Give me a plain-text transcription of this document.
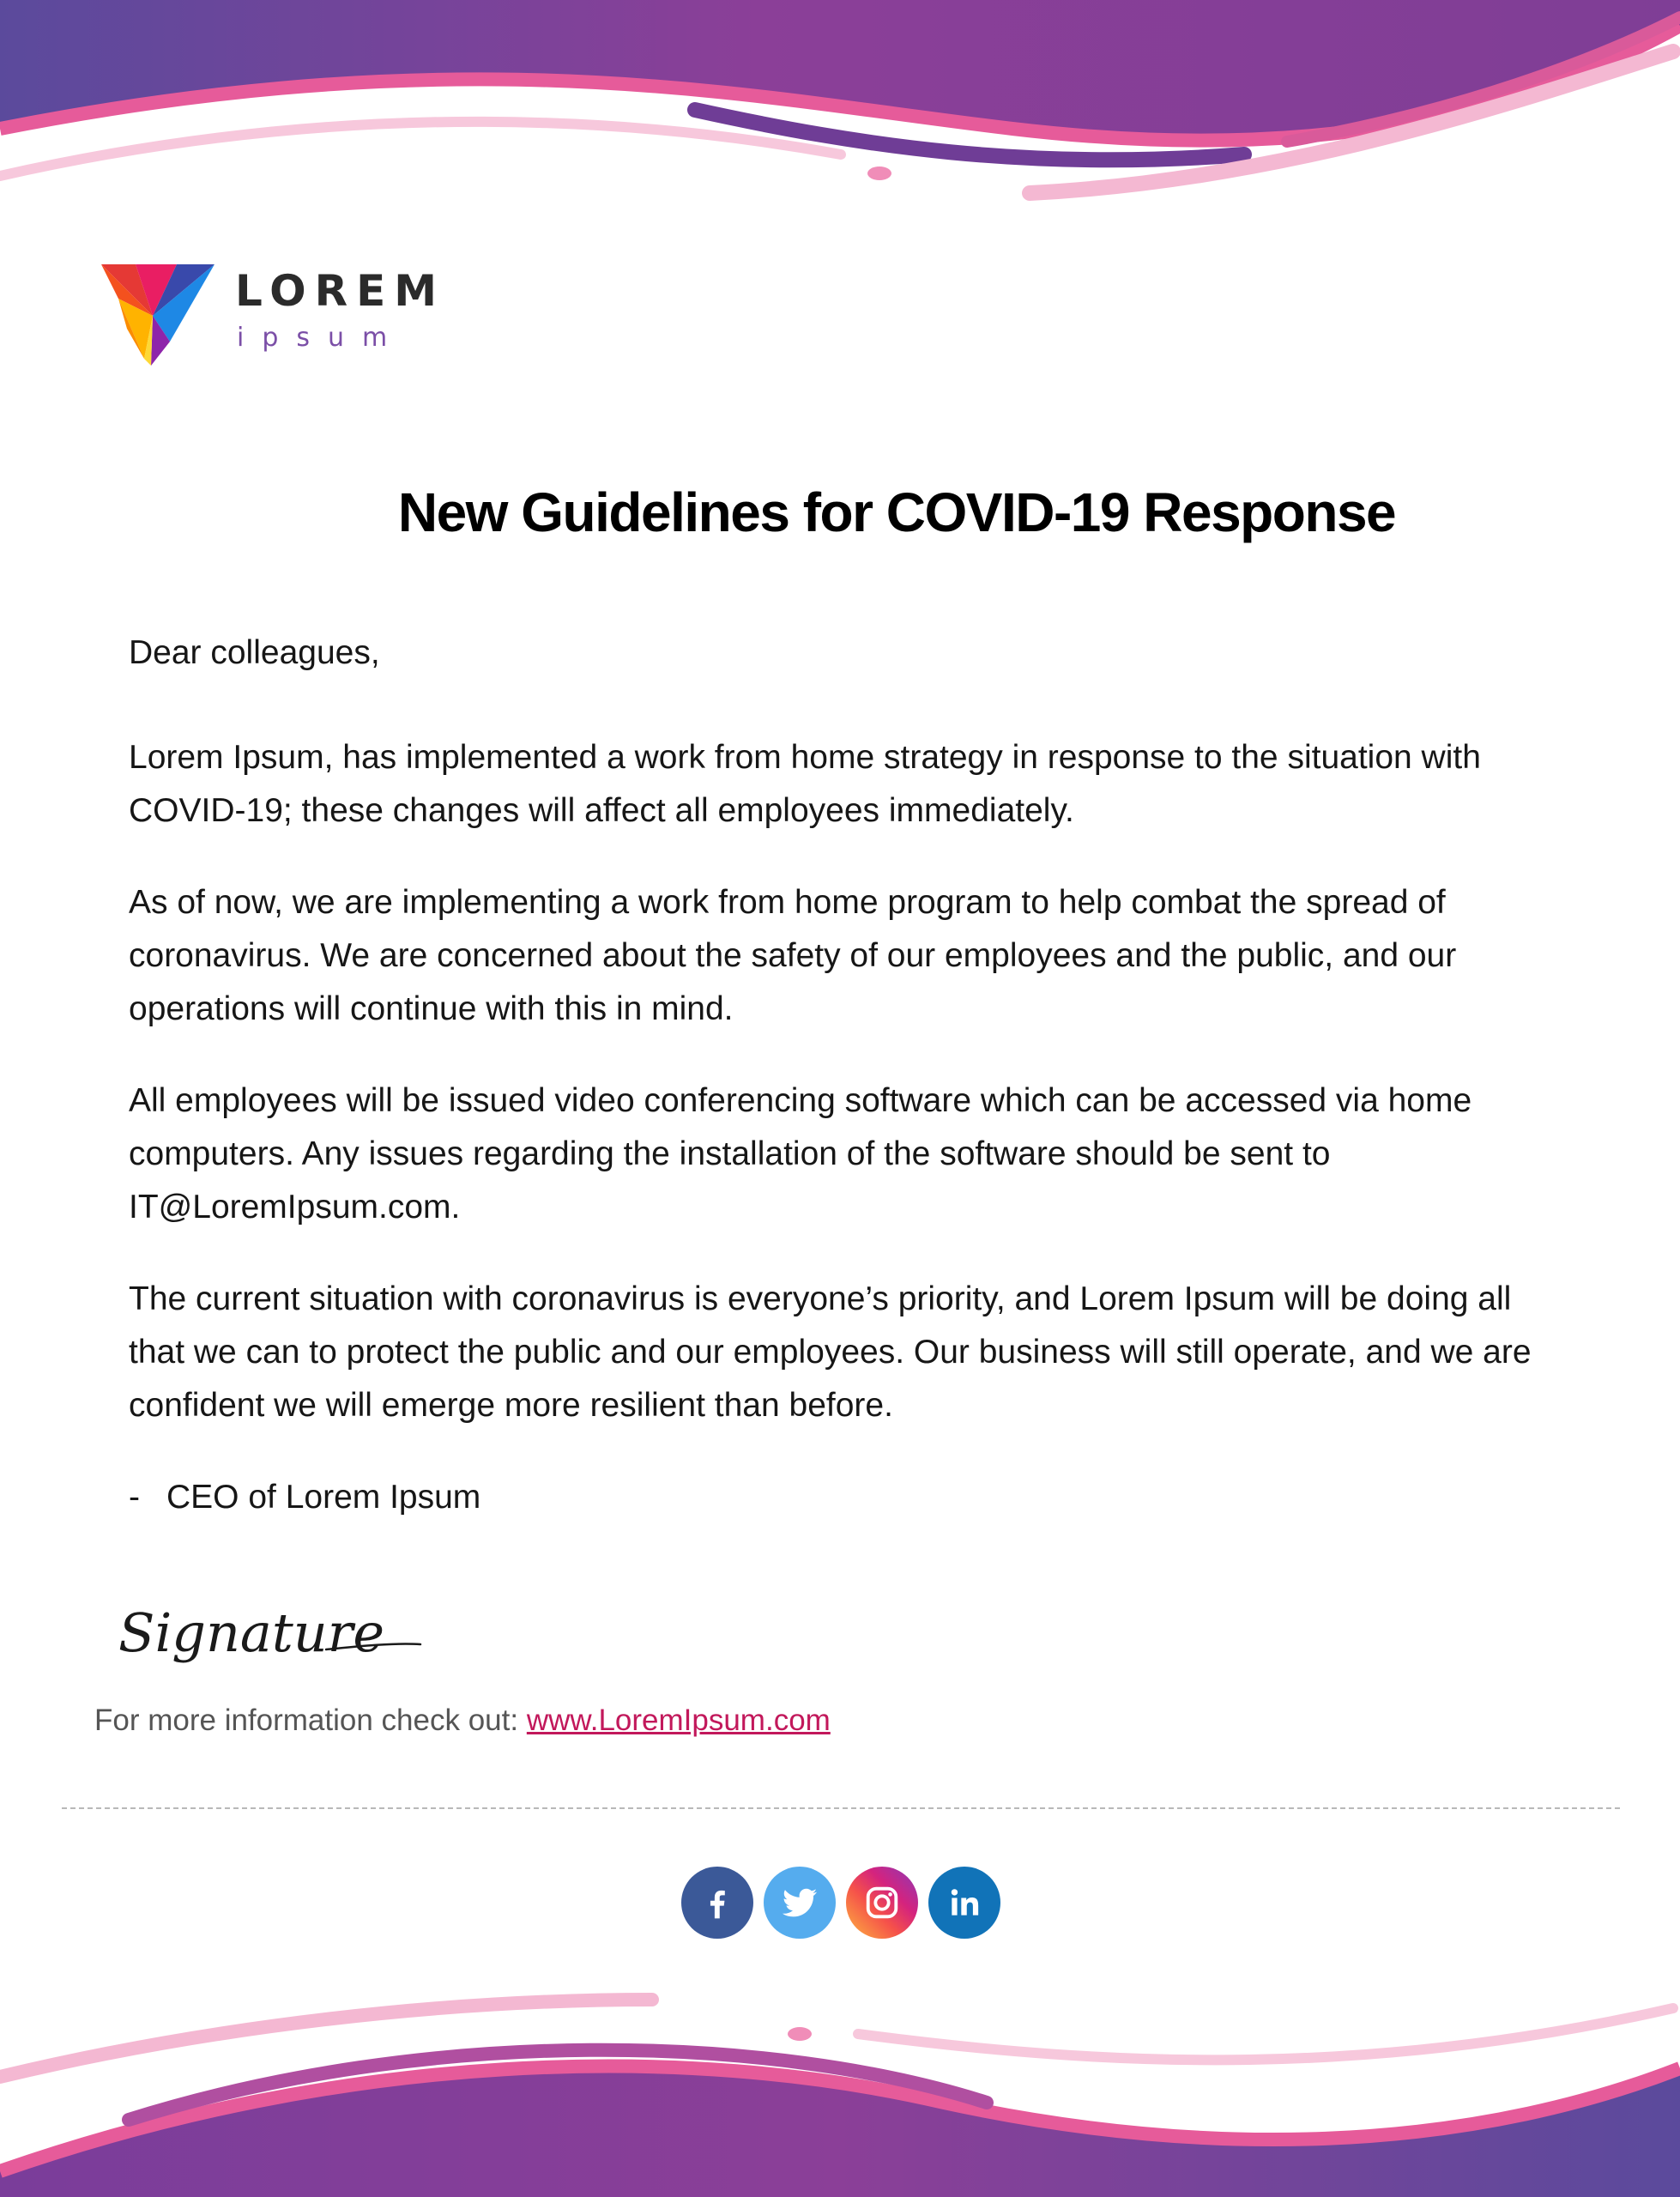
LOREM
ipsum
New Guidelines for COVID-19 Response

Dear colleagues,

Lorem Ipsum, has implemented a work from home strategy in response to the situation with COVID-19; these changes will affect all employees immediately.

As of now, we are implementing a work from home program to help combat the spread of coronavirus. We are concerned about the safety of our employees and the public, and our operations will continue with this in mind.

All employees will be issued video conferencing software which can be accessed via home computers. Any issues regarding the installation of the software should be sent to IT@LoremIpsum.com.

The current situation with coronavirus is everyone’s priority, and Lorem Ipsum will be doing all that we can to protect the public and our employees. Our business will still operate, and we are confident we will emerge more resilient than before.

- CEO of Lorem Ipsum

Signature
For more information check out: www.LoremIpsum.com
